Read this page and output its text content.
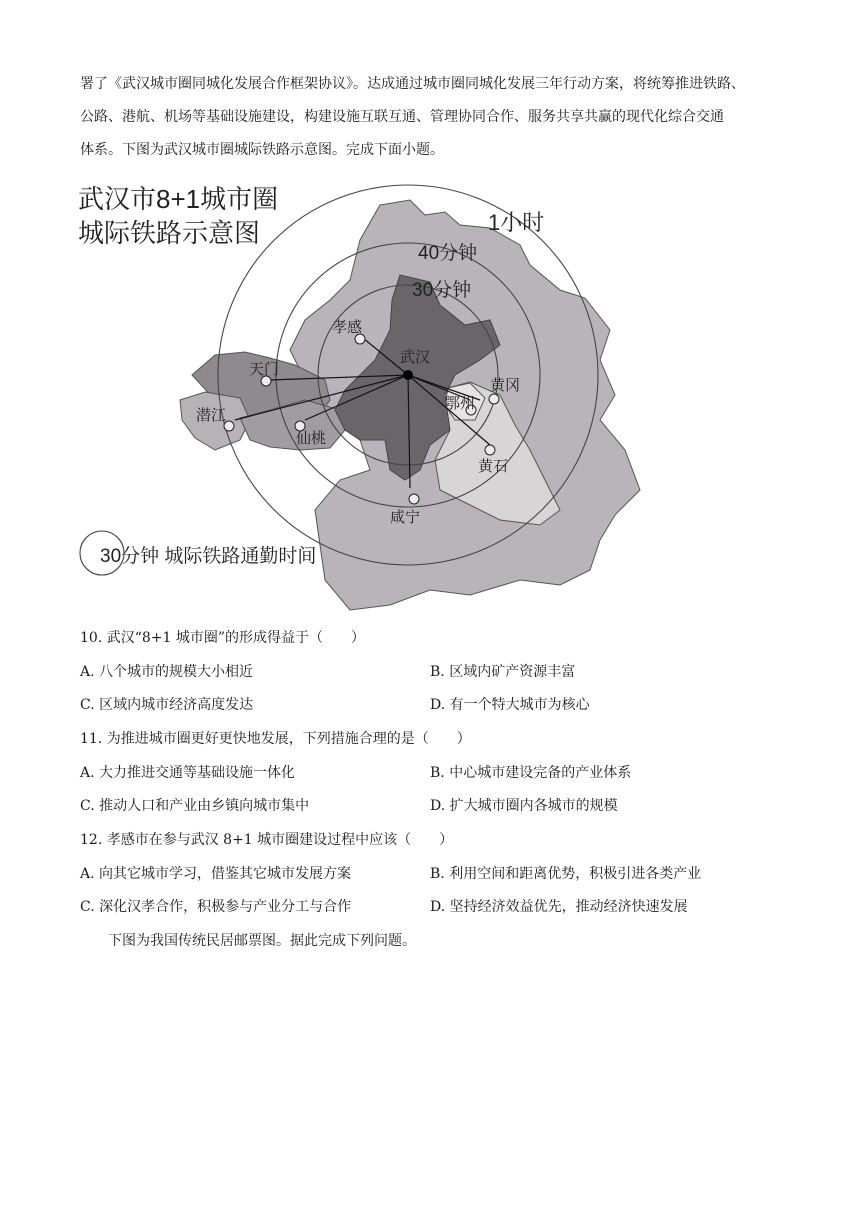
署了《武汉城市圈同城化发展合作框架协议》。达成通过城市圈同城化发展三年行动方案，将统筹推进铁路、
公路、港航、机场等基础设施建设，构建设施互联互通、管理协同合作、服务共享共赢的现代化综合交通
体系。下图为武汉城市圈城际铁路示意图。完成下面小题。
武汉市8+1城市圈
城际铁路示意图	1小时
40分钟
30分钟
孝感
武汉
天门
潜江
仙桃
黄冈
鄂州
黄石
咸宁
30分钟 城际铁路通勤时间
10. 武汉“8+1 城市圈”的形成得益于（　　）
A. 八个城市的规模大小相近	B. 区域内矿产资源丰富
C. 区域内城市经济高度发达	D. 有一个特大城市为核心
11. 为推进城市圈更好更快地发展，下列措施合理的是（　　）
A. 大力推进交通等基础设施一体化	B. 中心城市建设完备的产业体系
C. 推动人口和产业由乡镇向城市集中	D. 扩大城市圈内各城市的规模
12. 孝感市在参与武汉 8+1 城市圈建设过程中应该（　　）
A. 向其它城市学习，借鉴其它城市发展方案	B. 利用空间和距离优势，积极引进各类产业
C. 深化汉孝合作，积极参与产业分工与合作	D. 坚持经济效益优先，推动经济快速发展
下图为我国传统民居邮票图。据此完成下列问题。
